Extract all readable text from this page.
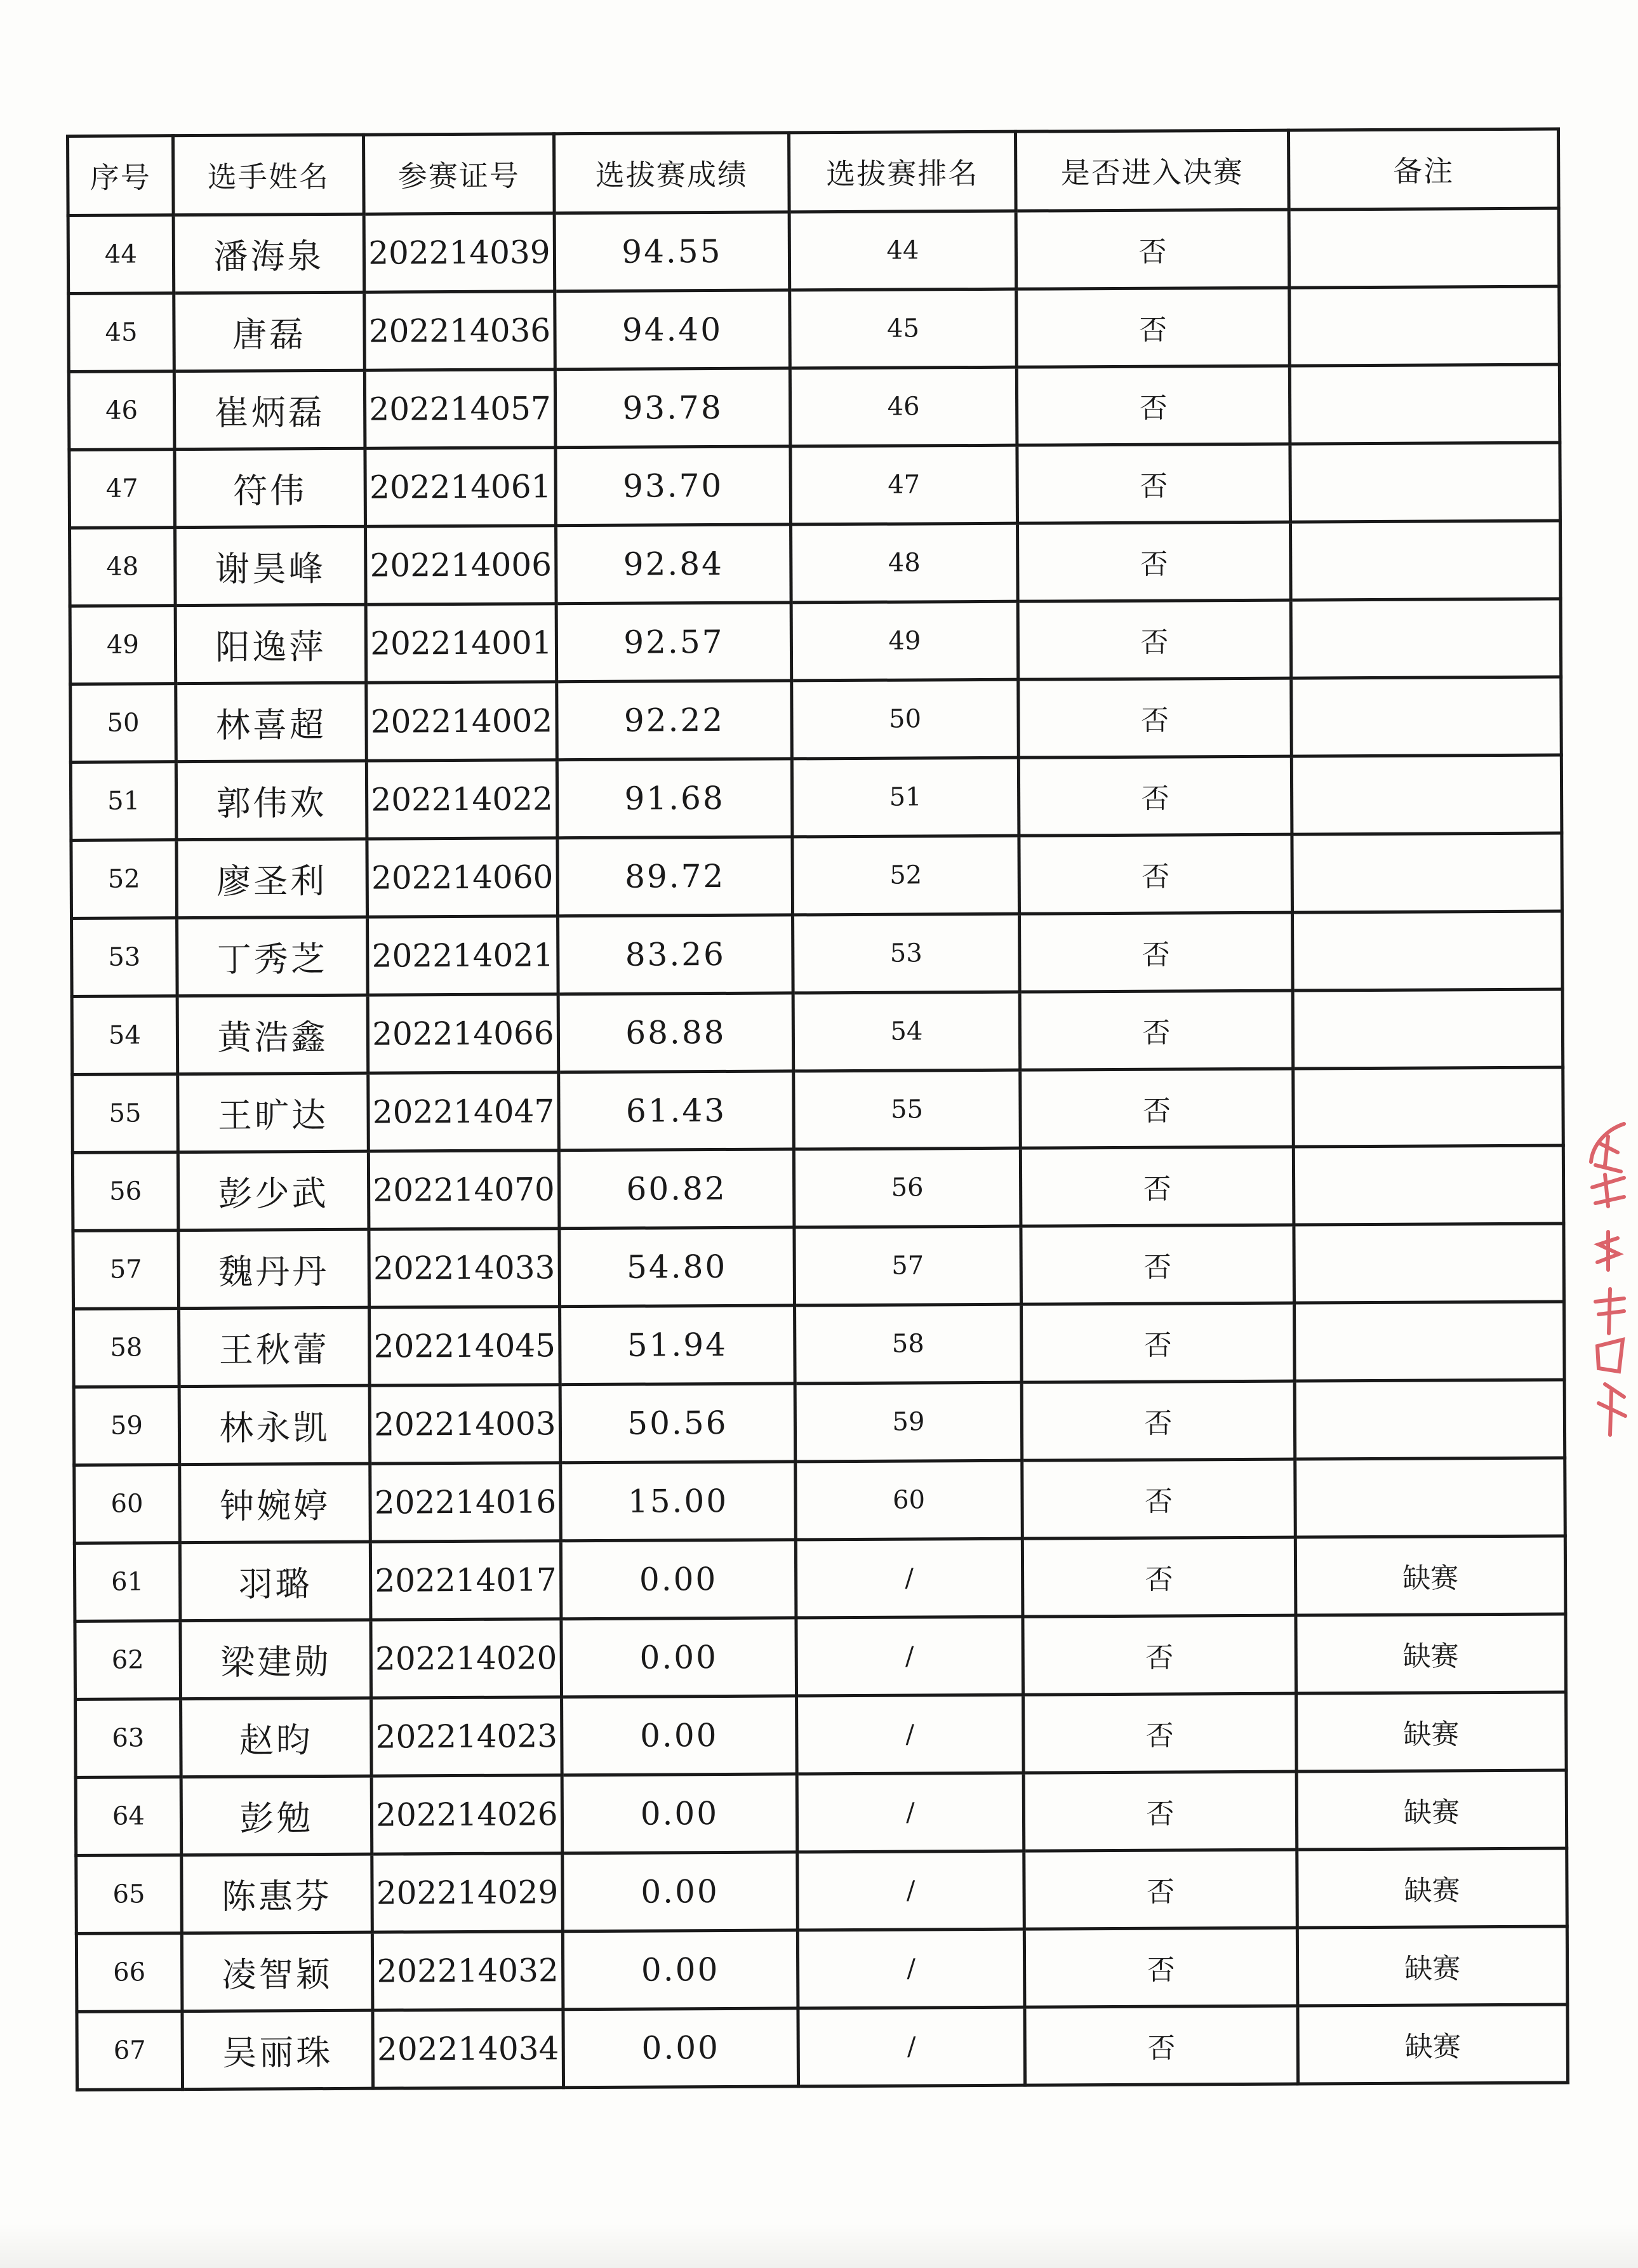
序号	选手姓名	参赛证号	选拔赛成绩	选拔赛排名	是否进入决赛	备注
44	潘海泉	202214039	94.55	44	否	
45	唐磊	202214036	94.40	45	否	
46	崔炳磊	202214057	93.78	46	否	
47	符伟	202214061	93.70	47	否	
48	谢昊峰	202214006	92.84	48	否	
49	阳逸萍	202214001	92.57	49	否	
50	林喜超	202214002	92.22	50	否	
51	郭伟欢	202214022	91.68	51	否	
52	廖圣利	202214060	89.72	52	否	
53	丁秀芝	202214021	83.26	53	否	
54	黄浩鑫	202214066	68.88	54	否	
55	王旷达	202214047	61.43	55	否	
56	彭少武	202214070	60.82	56	否	
57	魏丹丹	202214033	54.80	57	否	
58	王秋蕾	202214045	51.94	58	否	
59	林永凯	202214003	50.56	59	否	
60	钟婉婷	202214016	15.00	60	否	
61	羽璐	202214017	0.00	/	否	缺赛
62	梁建勋	202214020	0.00	/	否	缺赛
63	赵昀	202214023	0.00	/	否	缺赛
64	彭勉	202214026	0.00	/	否	缺赛
65	陈惠芬	202214029	0.00	/	否	缺赛
66	凌智颖	202214032	0.00	/	否	缺赛
67	吴丽珠	202214034	0.00	/	否	缺赛
